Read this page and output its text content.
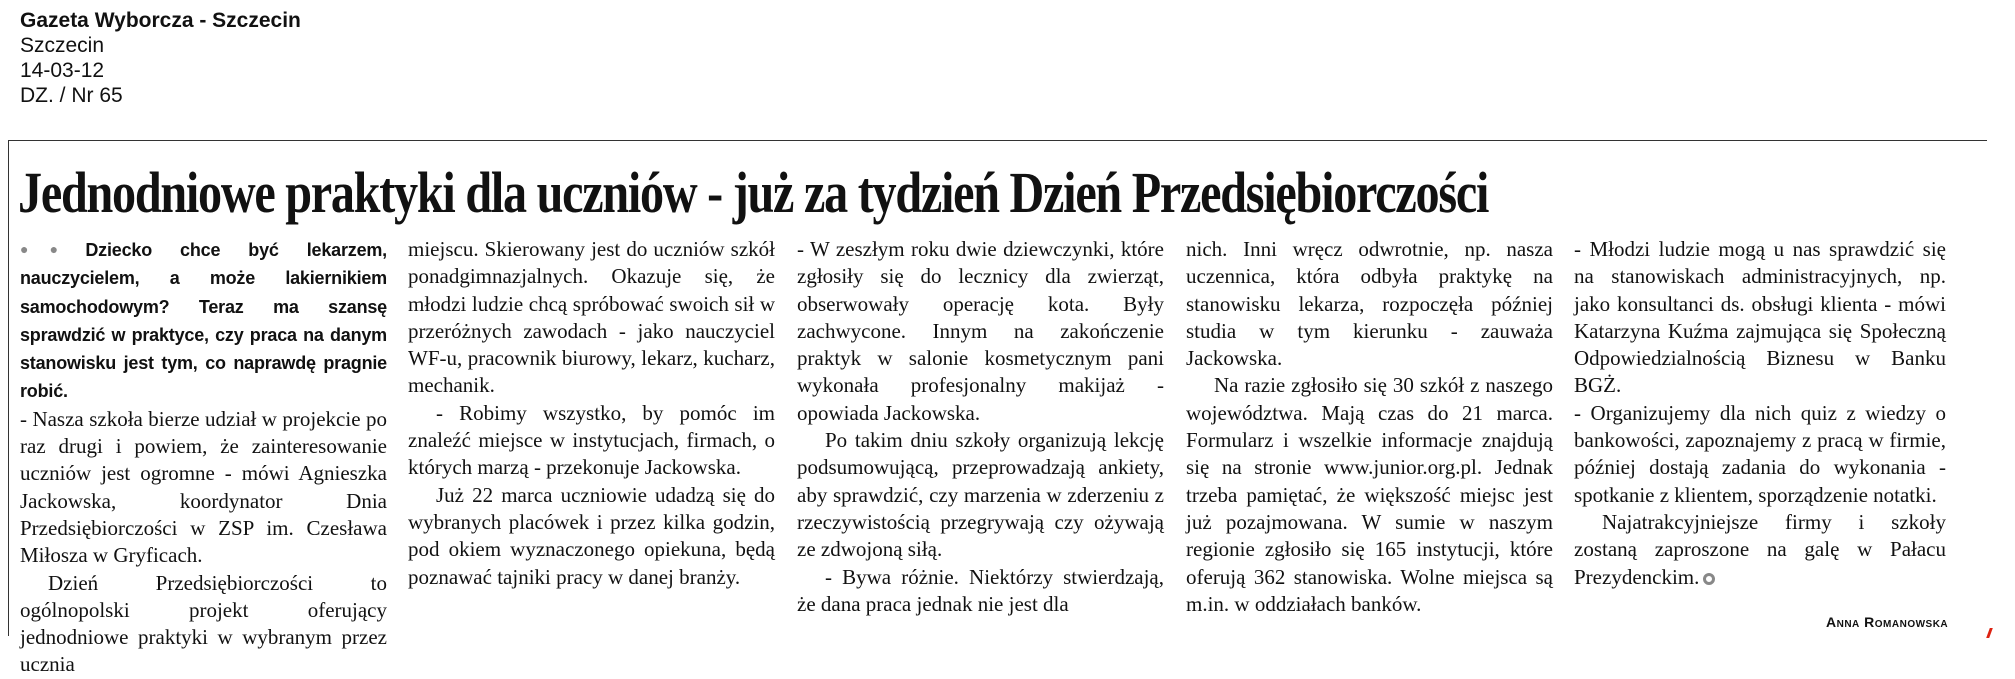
Gazeta Wyborcza - Szczecin
Szczecin
14-03-12
DZ. / Nr 65
Jednodniowe praktyki dla uczniów - już za tydzień Dzień Przedsiębiorczości

●● Dziecko chce być lekarzem, nauczycielem, a może lakiernikiem samochodowym? Teraz ma szansę sprawdzić w praktyce, czy praca na danym stanowisku jest tym, co naprawdę pragnie robić.

- Nasza szkoła bierze udział w projekcie po raz drugi i powiem, że zainteresowanie uczniów jest ogromne - mówi Agnieszka Jackowska, koordynator Dnia Przedsiębiorczości w ZSP im. Czesława Miłosza w Gryficach.

Dzień Przedsiębiorczości to ogólnopolski projekt oferujący jednodniowe praktyki w wybranym przez ucznia

miejscu. Skierowany jest do uczniów szkół ponadgimnazjalnych. Okazuje się, że młodzi ludzie chcą spróbować swoich sił w przeróżnych zawodach - jako nauczyciel WF-u, pracownik biurowy, lekarz, kucharz, mechanik.

- Robimy wszystko, by pomóc im znaleźć miejsce w instytucjach, firmach, o których marzą - przekonuje Jackowska.

Już 22 marca uczniowie udadzą się do wybranych placówek i przez kilka godzin, pod okiem wyznaczonego opiekuna, będą poznawać tajniki pracy w danej branży.

- W zeszłym roku dwie dziewczynki, które zgłosiły się do lecznicy dla zwierząt, obserwowały operację kota. Były zachwycone. Innym na zakończenie praktyk w salonie kosmetycznym pani wykonała profesjonalny makijaż - opowiada Jackowska.

Po takim dniu szkoły organizują lekcję podsumowującą, przeprowadzają ankiety, aby sprawdzić, czy marzenia w zderzeniu z rzeczywistością przegrywają czy ożywają ze zdwojoną siłą.

- Bywa różnie. Niektórzy stwierdzają, że dana praca jednak nie jest dla

nich. Inni wręcz odwrotnie, np. nasza uczennica, która odbyła praktykę na stanowisku lekarza, rozpoczęła później studia w tym kierunku - zauważa Jackowska.

Na razie zgłosiło się 30 szkół z naszego województwa. Mają czas do 21 marca. Formularz i wszelkie informacje znajdują się na stronie www.junior.org.pl. Jednak trzeba pamiętać, że większość miejsc jest już pozajmowana. W sumie w naszym regionie zgłosiło się 165 instytucji, które oferują 362 stanowiska. Wolne miejsca są m.in. w oddziałach banków.

- Młodzi ludzie mogą u nas sprawdzić się na stanowiskach administracyjnych, np. jako konsultanci ds. obsługi klienta - mówi Katarzyna Kuźma zajmująca się Społeczną Odpowiedzialnością Biznesu w Banku BGŻ.

- Organizujemy dla nich quiz z wiedzy o bankowości, zapoznajemy z pracą w firmie, później dostają zadania do wykonania - spotkanie z klientem, sporządzenie notatki.

Najatrakcyjniejsze firmy i szkoły zostaną zaproszone na galę w Pałacu Prezydenckim.

Anna Romanowska
